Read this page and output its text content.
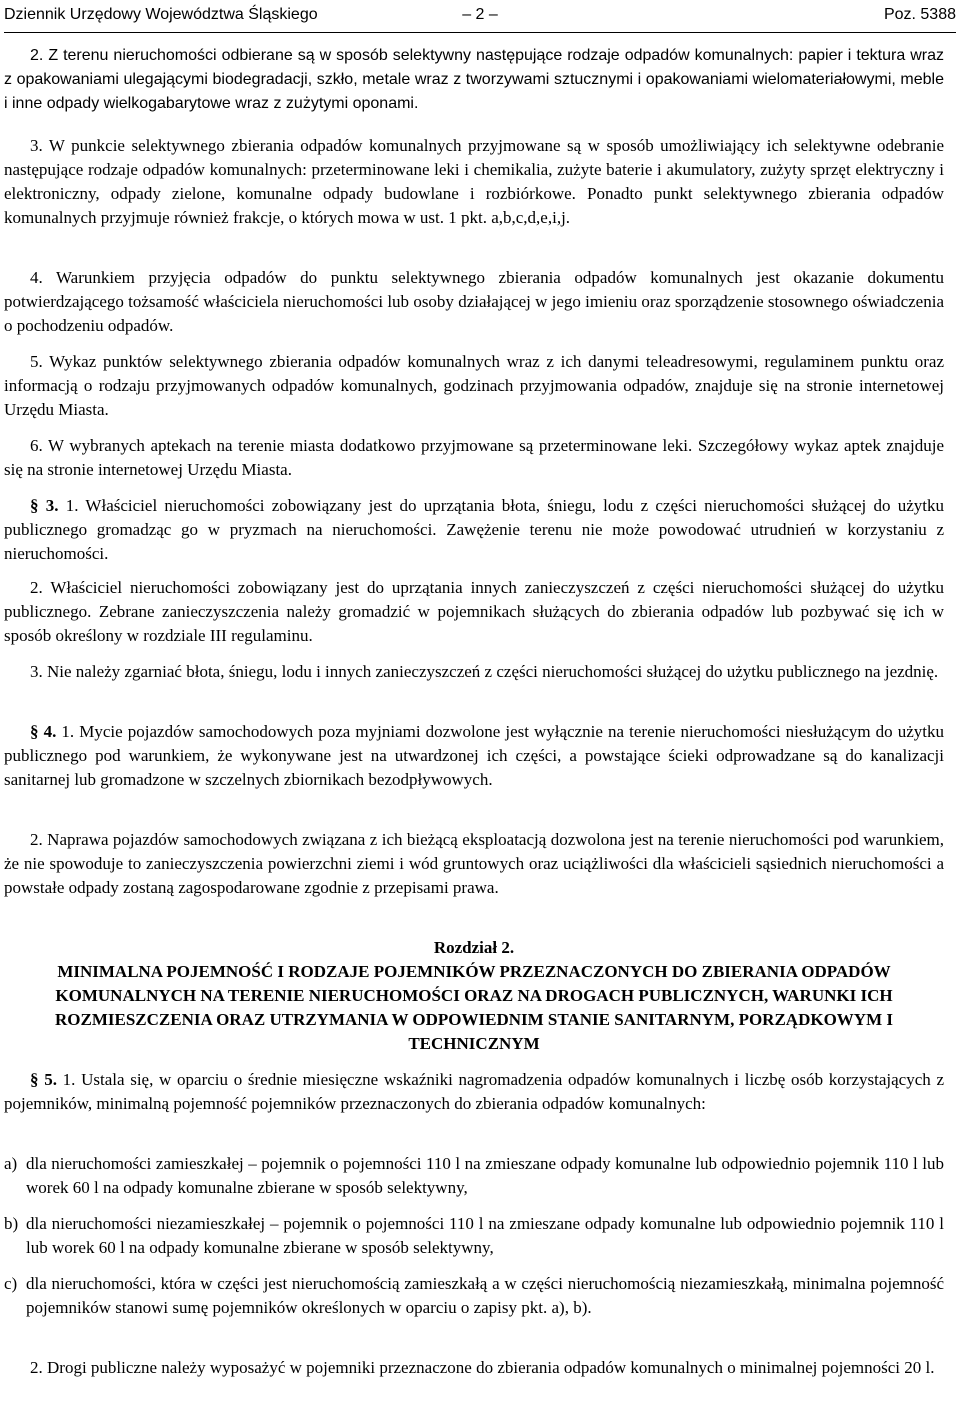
Dziennik Urzędowy Województwa Śląskiego	– 2 –	Poz. 5388

2. Z terenu nieruchomości odbierane są w sposób selektywny następujące rodzaje odpadów komunalnych: papier i tektura wraz z opakowaniami ulegającymi biodegradacji, szkło, metale wraz z tworzywami sztucznymi i opakowaniami wielomateriałowymi, meble i inne odpady wielkogabarytowe wraz z zużytymi oponami.

3. W punkcie selektywnego zbierania odpadów komunalnych przyjmowane są w sposób umożliwiający ich selektywne odebranie następujące rodzaje odpadów komunalnych: przeterminowane leki i chemikalia, zużyte baterie i akumulatory, zużyty sprzęt elektryczny i elektroniczny, odpady zielone, komunalne odpady budowlane i rozbiórkowe. Ponadto punkt selektywnego zbierania odpadów komunalnych przyjmuje również frakcje, o których mowa w ust. 1 pkt. a,b,c,d,e,i,j.

4. Warunkiem przyjęcia odpadów do punktu selektywnego zbierania odpadów komunalnych jest okazanie dokumentu potwierdzającego tożsamość właściciela nieruchomości lub osoby działającej w jego imieniu oraz sporządzenie stosownego oświadczenia o pochodzeniu odpadów.

5. Wykaz punktów selektywnego zbierania odpadów komunalnych wraz z ich danymi teleadresowymi, regulaminem punktu oraz informacją o rodzaju przyjmowanych odpadów komunalnych, godzinach przyjmowania odpadów, znajduje się na stronie internetowej Urzędu Miasta.

6. W wybranych aptekach na terenie miasta dodatkowo przyjmowane są przeterminowane leki. Szczegółowy wykaz aptek znajduje się na stronie internetowej Urzędu Miasta.

§ 3. 1. Właściciel nieruchomości zobowiązany jest do uprzątania błota, śniegu, lodu z części nieruchomości służącej do użytku publicznego gromadząc go w pryzmach na nieruchomości. Zawężenie terenu nie może powodować utrudnień w korzystaniu z nieruchomości.

2. Właściciel nieruchomości zobowiązany jest do uprzątania innych zanieczyszczeń z części nieruchomości służącej do użytku publicznego. Zebrane zanieczyszczenia należy gromadzić w pojemnikach służących do zbierania odpadów lub pozbywać się ich w sposób określony w rozdziale III regulaminu.

3. Nie należy zgarniać błota, śniegu, lodu i innych zanieczyszczeń z części nieruchomości służącej do użytku publicznego na jezdnię.

§ 4. 1. Mycie pojazdów samochodowych poza myjniami dozwolone jest wyłącznie na terenie nieruchomości niesłużącym do użytku publicznego pod warunkiem, że wykonywane jest na utwardzonej ich części, a powstające ścieki odprowadzane są do kanalizacji sanitarnej lub gromadzone w szczelnych zbiornikach bezodpływowych.

2. Naprawa pojazdów samochodowych związana z ich bieżącą eksploatacją dozwolona jest na terenie nieruchomości pod warunkiem, że nie spowoduje to zanieczyszczenia powierzchni ziemi i wód gruntowych oraz uciążliwości dla właścicieli sąsiednich nieruchomości a powstałe odpady zostaną zagospodarowane zgodnie z przepisami prawa.

Rozdział 2.
MINIMALNA POJEMNOŚĆ I RODZAJE POJEMNIKÓW PRZEZNACZONYCH DO ZBIERANIA ODPADÓW KOMUNALNYCH NA TERENIE NIERUCHOMOŚCI ORAZ NA DROGACH PUBLICZNYCH, WARUNKI ICH ROZMIESZCZENIA ORAZ UTRZYMANIA W ODPOWIEDNIM STANIE SANITARNYM, PORZĄDKOWYM I TECHNICZNYM

§ 5. 1. Ustala się, w oparciu o średnie miesięczne wskaźniki nagromadzenia odpadów komunalnych i liczbę osób korzystających z pojemników, minimalną pojemność pojemników przeznaczonych do zbierania odpadów komunalnych:

a) dla nieruchomości zamieszkałej – pojemnik o pojemności 110 l na zmieszane odpady komunalne lub odpowiednio pojemnik 110 l lub worek 60 l na odpady komunalne zbierane w sposób selektywny,

b) dla nieruchomości niezamieszkałej – pojemnik o pojemności 110 l na zmieszane odpady komunalne lub odpowiednio pojemnik 110 l lub worek 60 l na odpady komunalne zbierane w sposób selektywny,

c) dla nieruchomości, która w części jest nieruchomością zamieszkałą a w części nieruchomością niezamieszkałą, minimalna pojemność pojemników stanowi sumę pojemników określonych w oparciu o zapisy pkt. a), b).

2. Drogi publiczne należy wyposażyć w pojemniki przeznaczone do zbierania odpadów komunalnych o minimalnej pojemności 20 l.
